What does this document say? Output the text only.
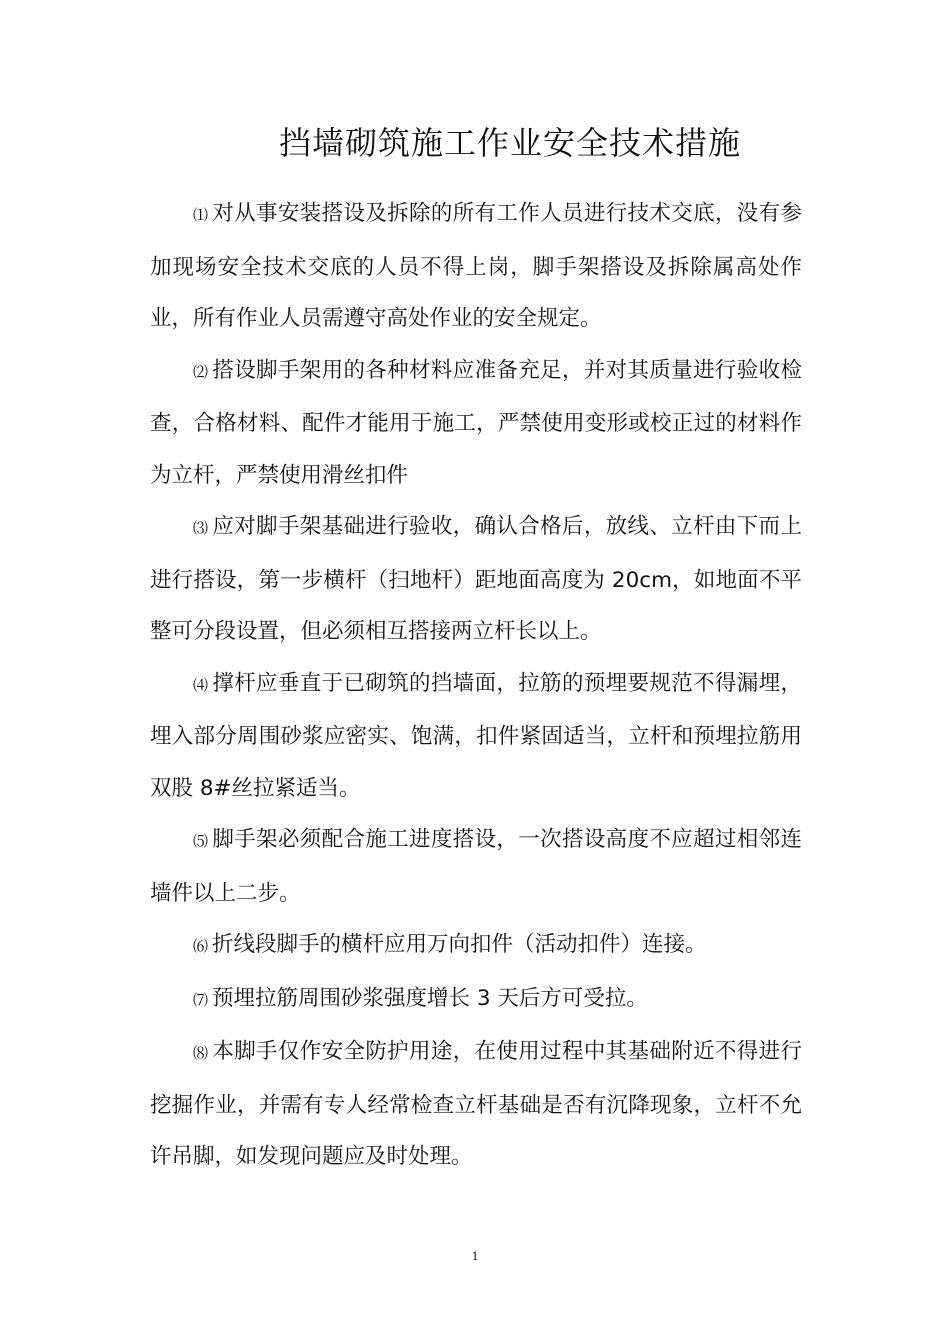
挡墙砌筑施工作业安全技术措施

⑴ 对从事安装搭设及拆除的所有工作人员进行技术交底，没有参加现场安全技术交底的人员不得上岗，脚手架搭设及拆除属高处作业，所有作业人员需遵守高处作业的安全规定。

⑵ 搭设脚手架用的各种材料应准备充足，并对其质量进行验收检查，合格材料、配件才能用于施工，严禁使用变形或校正过的材料作为立杆，严禁使用滑丝扣件

⑶ 应对脚手架基础进行验收，确认合格后，放线、立杆由下而上进行搭设，第一步横杆（扫地杆）距地面高度为 20cm，如地面不平整可分段设置，但必须相互搭接两立杆长以上。

⑷ 撑杆应垂直于已砌筑的挡墙面，拉筋的预埋要规范不得漏埋，埋入部分周围砂浆应密实、饱满，扣件紧固适当，立杆和预埋拉筋用双股 8#丝拉紧适当。

⑸ 脚手架必须配合施工进度搭设，一次搭设高度不应超过相邻连墙件以上二步。

⑹ 折线段脚手的横杆应用万向扣件（活动扣件）连接。

⑺ 预埋拉筋周围砂浆强度增长 3 天后方可受拉。

⑻ 本脚手仅作安全防护用途，在使用过程中其基础附近不得进行挖掘作业，并需有专人经常检查立杆基础是否有沉降现象，立杆不允许吊脚，如发现问题应及时处理。

1
